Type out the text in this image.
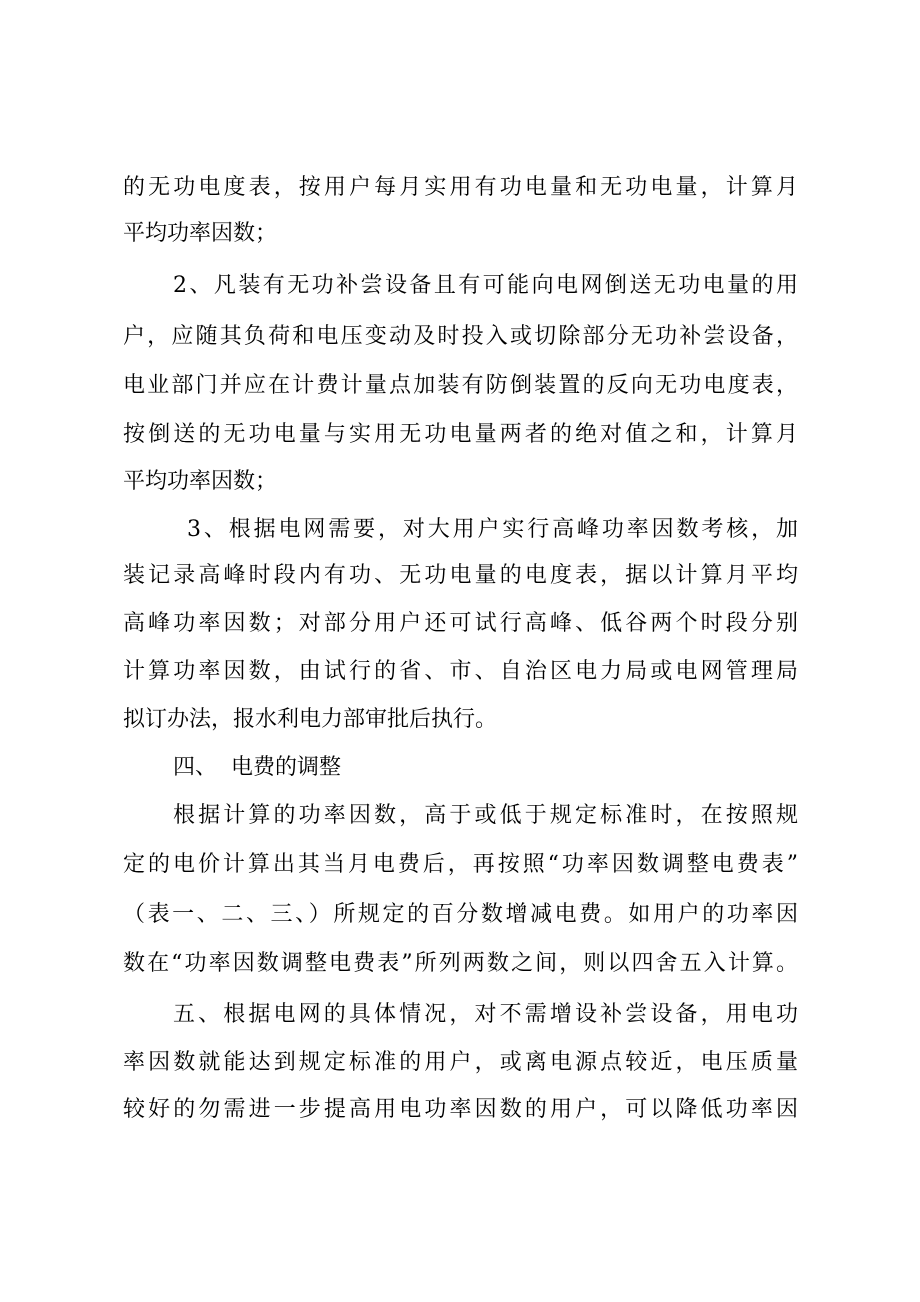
的无功电度表，按用户每月实用有功电量和无功电量，计算月
平均功率因数；
2、凡装有无功补尝设备且有可能向电网倒送无功电量的用
户，应随其负荷和电压变动及时投入或切除部分无功补尝设备，
电业部门并应在计费计量点加装有防倒装置的反向无功电度表，
按倒送的无功电量与实用无功电量两者的绝对值之和，计算月
平均功率因数；
3、根据电网需要，对大用户实行高峰功率因数考核，加
装记录高峰时段内有功、无功电量的电度表，据以计算月平均
高峰功率因数；对部分用户还可试行高峰、低谷两个时段分别
计算功率因数，由试行的省、市、自治区电力局或电网管理局
拟订办法，报水利电力部审批后执行。
四、  电费的调整
根据计算的功率因数，高于或低于规定标准时，在按照规
定的电价计算出其当月电费后，再按照“功率因数调整电费表”
（表一、二、三、）所规定的百分数增减电费。如用户的功率因
数在“功率因数调整电费表”所列两数之间，则以四舍五入计算。
五、根据电网的具体情况，对不需增设补尝设备，用电功
率因数就能达到规定标准的用户，或离电源点较近，电压质量
较好的勿需进一步提高用电功率因数的用户，可以降低功率因
